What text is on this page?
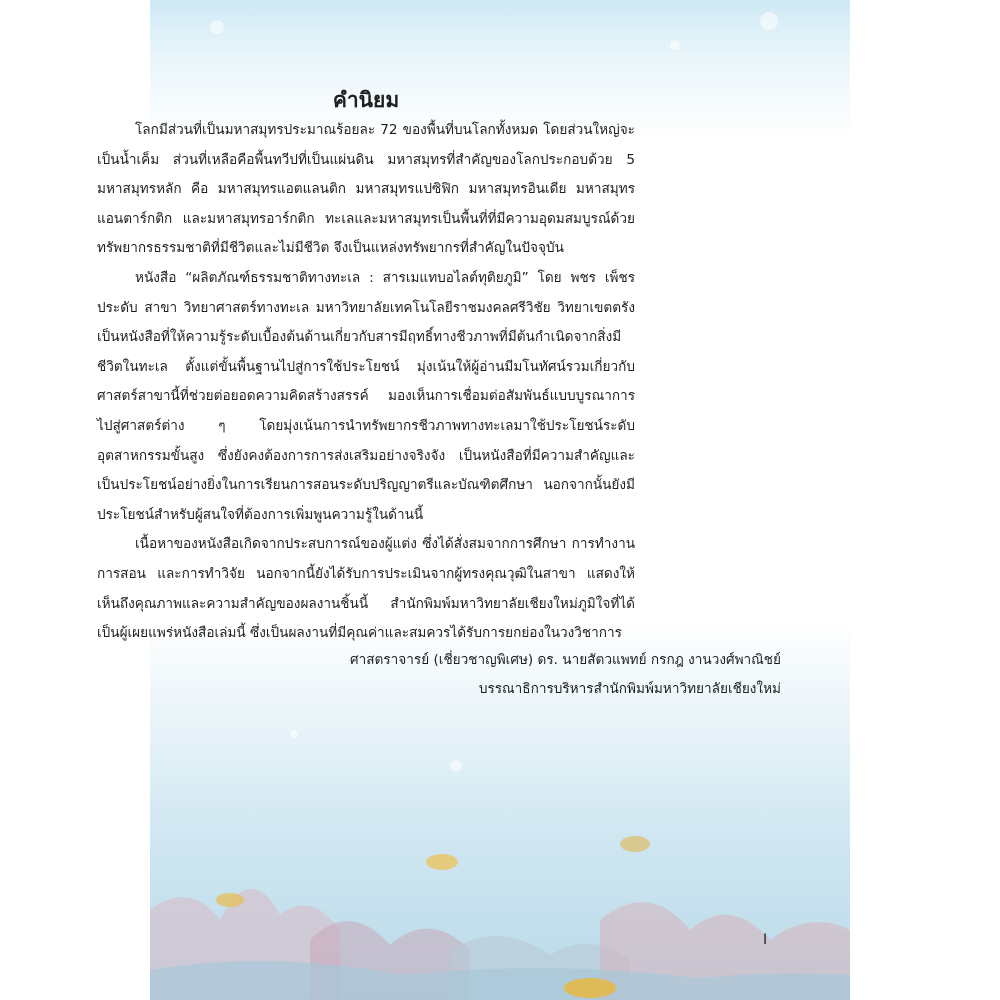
I
ศาสตราจารย์ (เชี่ยวชาญพิเศษ) ดร. นายสัตวแพทย์ กรกฎ งานวงศ์พาณิชย์
บรรณาธิการบริหารสำนักพิมพ์มหาวิทยาลัยเชียงใหม่
คำนิยม

โลกมีส่วนที่เป็นมหาสมุทรประมาณร้อยละ 72 ของพื้นที่บนโลกทั้งหมด โดยส่วนใหญ่จะเป็นน้ำเค็ม ส่วนที่เหลือคือพื้นทวีปที่เป็นแผ่นดิน มหาสมุทรที่สำคัญของโลกประกอบด้วย 5 มหาสมุทรหลัก คือ มหาสมุทรแอตแลนติก มหาสมุทรแปซิฟิก มหาสมุทรอินเดีย มหาสมุทรแอนตาร์กติก และมหาสมุทรอาร์กติก ทะเลและมหาสมุทรเป็นพื้นที่ที่มีความอุดมสมบูรณ์ด้วยทรัพยากรธรรมชาติที่มีชีวิตและไม่มีชีวิต จึงเป็นแหล่งทรัพยากรที่สำคัญในปัจจุบัน

หนังสือ “ผลิตภัณฑ์ธรรมชาติทางทะเล : สารเมแทบอไลต์ทุติยภูมิ” โดย พชร เพ็ชรประดับ สาขา วิทยาศาสตร์ทางทะเล มหาวิทยาลัยเทคโนโลยีราชมงคลศรีวิชัย วิทยาเขตตรัง เป็นหนังสือที่ให้ความรู้ระดับเบื้องต้นด้านเกี่ยวกับสารมีฤทธิ์ทางชีวภาพที่มีต้นกำเนิดจากสิ่งมีชีวิตในทะเล ตั้งแต่ขั้นพื้นฐานไปสู่การใช้ประโยชน์ มุ่งเน้นให้ผู้อ่านมีมโนทัศน์รวมเกี่ยวกับศาสตร์สาขานี้ที่ช่วยต่อยอดความคิดสร้างสรรค์ มองเห็นการเชื่อมต่อสัมพันธ์แบบบูรณาการไปสู่ศาสตร์ต่าง ๆ โดยมุ่งเน้นการนำทรัพยากรชีวภาพทางทะเลมาใช้ประโยชน์ระดับอุตสาหกรรมขั้นสูง ซึ่งยังคงต้องการการส่งเสริมอย่างจริงจัง เป็นหนังสือที่มีความสำคัญและเป็นประโยชน์อย่างยิ่งในการเรียนการสอนระดับปริญญาตรีและบัณฑิตศึกษา นอกจากนั้นยังมีประโยชน์สำหรับผู้สนใจที่ต้องการเพิ่มพูนความรู้ในด้านนี้

เนื้อหาของหนังสือเกิดจากประสบการณ์ของผู้แต่ง ซึ่งได้สั่งสมจากการศึกษา การทำงาน การสอน และการทำวิจัย นอกจากนี้ยังได้รับการประเมินจากผู้ทรงคุณวุฒิในสาขา แสดงให้เห็นถึงคุณภาพและความสำคัญของผลงานชิ้นนี้ สำนักพิมพ์มหาวิทยาลัยเชียงใหม่ภูมิใจที่ได้เป็นผู้เผยแพร่หนังสือเล่มนี้ ซึ่งเป็นผลงานที่มีคุณค่าและสมควรได้รับการยกย่องในวงวิชาการ
